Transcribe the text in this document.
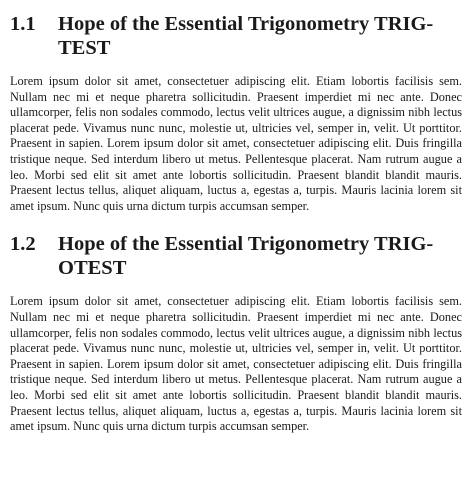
1.1	Hope of the Essential Trigonometry TRIG-TEST

Lorem ipsum dolor sit amet, consectetuer adipiscing elit. Etiam lobortis facilisis sem. Nullam nec mi et neque pharetra sollicitudin. Praesent imperdiet mi nec ante. Donec ullamcorper, felis non sodales commodo, lectus velit ultrices augue, a dignissim nibh lectus placerat pede. Vivamus nunc nunc, molestie ut, ultricies vel, semper in, velit. Ut porttitor. Praesent in sapien. Lorem ipsum dolor sit amet, consectetuer adipiscing elit. Duis fringilla tristique neque. Sed interdum libero ut metus. Pellentesque placerat. Nam rutrum augue a leo. Morbi sed elit sit amet ante lobortis sollicitudin. Praesent blandit blandit mauris. Praesent lectus tellus, aliquet aliquam, luctus a, egestas a, turpis. Mauris lacinia lorem sit amet ipsum. Nunc quis urna dictum turpis accumsan semper.

1.2	Hope of the Essential Trigonometry TRIG-OTEST

Lorem ipsum dolor sit amet, consectetuer adipiscing elit. Etiam lobortis facilisis sem. Nullam nec mi et neque pharetra sollicitudin. Praesent imperdiet mi nec ante. Donec ullamcorper, felis non sodales commodo, lectus velit ultrices augue, a dignissim nibh lectus placerat pede. Vivamus nunc nunc, molestie ut, ultricies vel, semper in, velit. Ut porttitor. Praesent in sapien. Lorem ipsum dolor sit amet, consectetuer adipiscing elit. Duis fringilla tristique neque. Sed interdum libero ut metus. Pellentesque placerat. Nam rutrum augue a leo. Morbi sed elit sit amet ante lobortis sollicitudin. Praesent blandit blandit mauris. Praesent lectus tellus, aliquet aliquam, luctus a, egestas a, turpis. Mauris lacinia lorem sit amet ipsum. Nunc quis urna dictum turpis accumsan semper.
